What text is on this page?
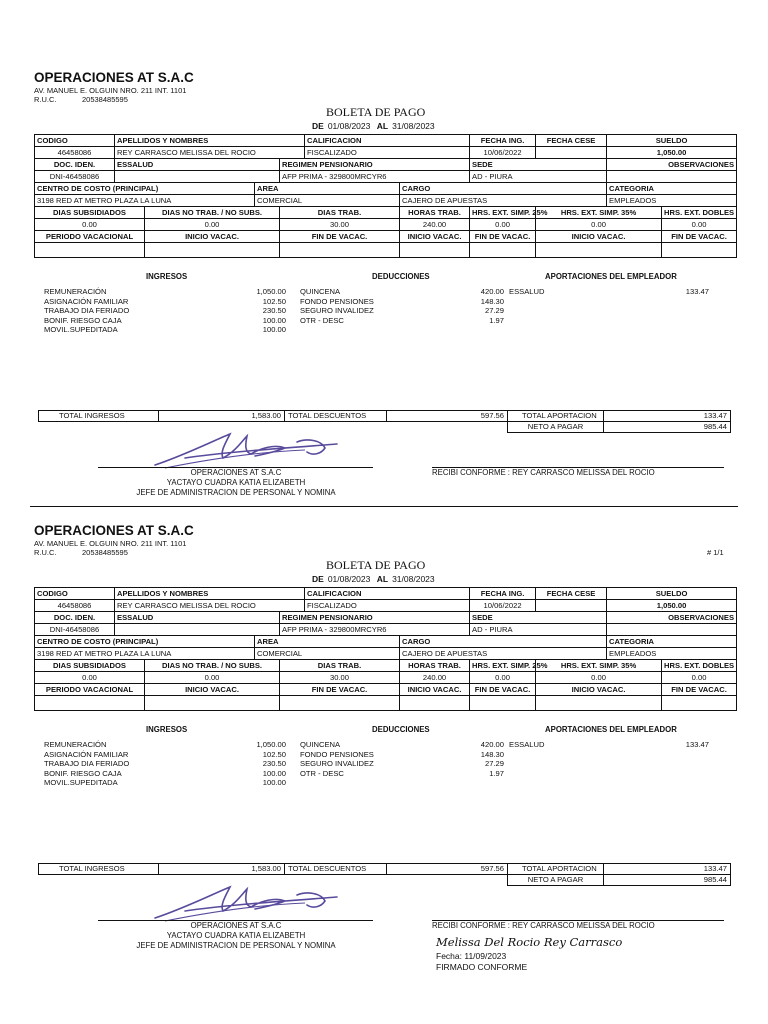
OPERACIONES AT S.A.C
AV. MANUEL E. OLGUIN NRO. 211 INT. 1101
R.U.C.	20538485595
BOLETA DE PAGO
DE 01/08/2023 AL 31/08/2023
CODIGO	APELLIDOS Y NOMBRES				CALIFICACION		FECHA ING.	FECHA CESE	SUELDO	
46458086	REY CARRASCO MELISSA DEL ROCIO				FISCALIZADO		10/06/2022		1,050.00	
DOC. IDEN.	ESSALUD			REGIMEN PENSIONARIO			SEDE		OBSERVACIONES	
DNI-46458086				AFP PRIMA - 329800MRCYR6			AD - PIURA			
CENTRO DE COSTO (PRINCIPAL)			AREA			CARGO			CATEGORIA	
3198 RED AT METRO PLAZA LA LUNA			COMERCIAL			CAJERO DE APUESTAS			EMPLEADOS	
DIAS SUBSIDIADOS		DIAS NO TRAB. / NO SUBS.		DIAS TRAB.		HORAS TRAB.	HRS. EXT. SIMP. 25%	HRS. EXT. SIMP. 35%		HRS. EXT. DOBLES
0.00		0.00		30.00		240.00	0.00	0.00		0.00
PERIODO VACACIONAL		INICIO VACAC.		FIN DE VACAC.		INICIO VACAC.	FIN DE VACAC.	INICIO VACAC.		FIN DE VACAC.

INGRESOS	DEDUCCIONES	APORTACIONES DEL EMPLEADOR
REMUNERACIÓN	1,050.00
ASIGNACIÓN FAMILIAR	102.50
TRABAJO DIA FERIADO	230.50
BONIF. RIESGO CAJA	100.00
MOVIL.SUPEDITADA	100.00
QUINCENA	420.00
FONDO PENSIONES	148.30
SEGURO INVALIDEZ	27.29
OTR - DESC	1.97
ESSALUD	133.47
TOTAL INGRESOS	1,583.00	TOTAL DESCUENTOS	597.56	TOTAL APORTACION	133.47
				NETO A PAGAR	985.44
OPERACIONES AT S.A.C
YACTAYO CUADRA KATIA ELIZABETH
JEFE DE ADMINISTRACION DE PERSONAL Y NOMINA
RECIBI CONFORME : REY CARRASCO MELISSA DEL ROCIO
OPERACIONES AT S.A.C
AV. MANUEL E. OLGUIN NRO. 211 INT. 1101
R.U.C.	20538485595	# 1/1
BOLETA DE PAGO
DE 01/08/2023 AL 31/08/2023
CODIGO	APELLIDOS Y NOMBRES				CALIFICACION		FECHA ING.	FECHA CESE	SUELDO	
46458086	REY CARRASCO MELISSA DEL ROCIO				FISCALIZADO		10/06/2022		1,050.00	
DOC. IDEN.	ESSALUD			REGIMEN PENSIONARIO			SEDE		OBSERVACIONES	
DNI-46458086				AFP PRIMA - 329800MRCYR6			AD - PIURA			
CENTRO DE COSTO (PRINCIPAL)			AREA			CARGO			CATEGORIA	
3198 RED AT METRO PLAZA LA LUNA			COMERCIAL			CAJERO DE APUESTAS			EMPLEADOS	
DIAS SUBSIDIADOS		DIAS NO TRAB. / NO SUBS.		DIAS TRAB.		HORAS TRAB.	HRS. EXT. SIMP. 25%	HRS. EXT. SIMP. 35%		HRS. EXT. DOBLES
0.00		0.00		30.00		240.00	0.00	0.00		0.00
PERIODO VACACIONAL		INICIO VACAC.		FIN DE VACAC.		INICIO VACAC.	FIN DE VACAC.	INICIO VACAC.		FIN DE VACAC.

INGRESOS	DEDUCCIONES	APORTACIONES DEL EMPLEADOR
REMUNERACIÓN	1,050.00
ASIGNACIÓN FAMILIAR	102.50
TRABAJO DIA FERIADO	230.50
BONIF. RIESGO CAJA	100.00
MOVIL.SUPEDITADA	100.00
QUINCENA	420.00
FONDO PENSIONES	148.30
SEGURO INVALIDEZ	27.29
OTR - DESC	1.97
ESSALUD	133.47
TOTAL INGRESOS	1,583.00	TOTAL DESCUENTOS	597.56	TOTAL APORTACION	133.47
				NETO A PAGAR	985.44
OPERACIONES AT S.A.C
YACTAYO CUADRA KATIA ELIZABETH
JEFE DE ADMINISTRACION DE PERSONAL Y NOMINA
RECIBI CONFORME : REY CARRASCO MELISSA DEL ROCIO
Melissa Del Rocio Rey Carrasco
Fecha: 11/09/2023
FIRMADO CONFORME
